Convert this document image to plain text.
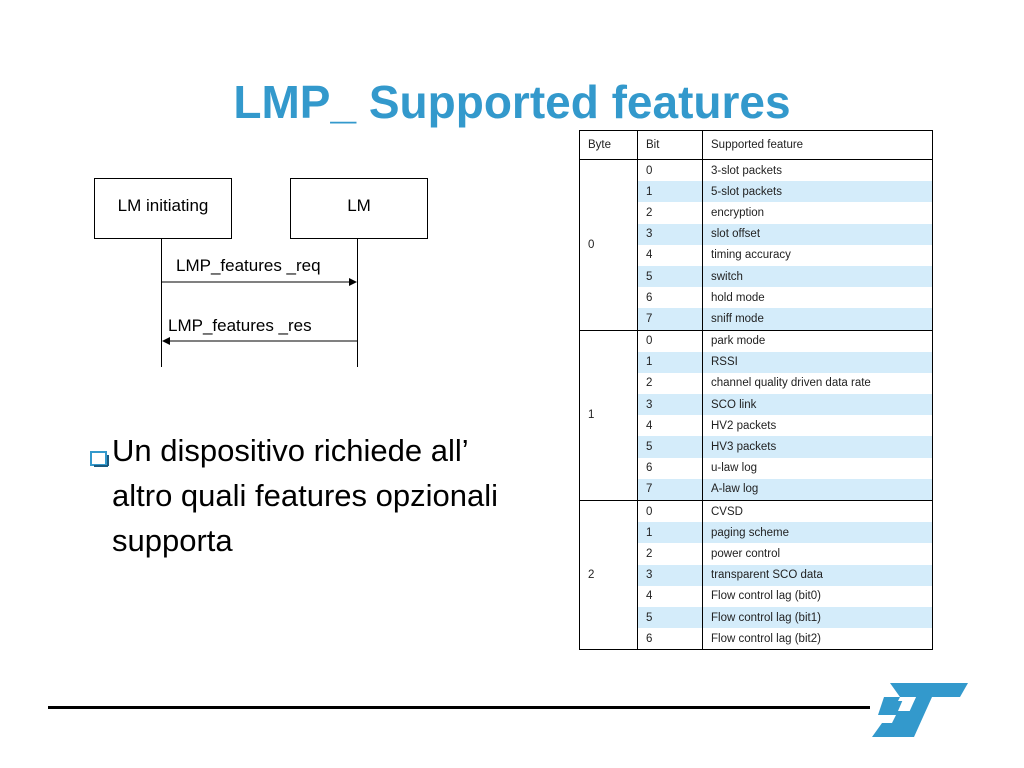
LMP_ Supported features
LM initiating	LM
LMP_features _req
LMP_features _res
Un dispositivo richiede all’ altro quali features opzionali supporta
Byte	Bit	Supported feature
0	0	3-slot packets
	1	5-slot packets
	2	encryption
	3	slot offset
	4	timing accuracy
	5	switch
	6	hold mode
	7	sniff mode
1	0	park mode
	1	RSSI
	2	channel quality driven data rate
	3	SCO link
	4	HV2 packets
	5	HV3 packets
	6	u-law log
	7	A-law log
2	0	CVSD
	1	paging scheme
	2	power control
	3	transparent SCO data
	4	Flow control lag (bit0)
	5	Flow control lag (bit1)
	6	Flow control lag (bit2)
